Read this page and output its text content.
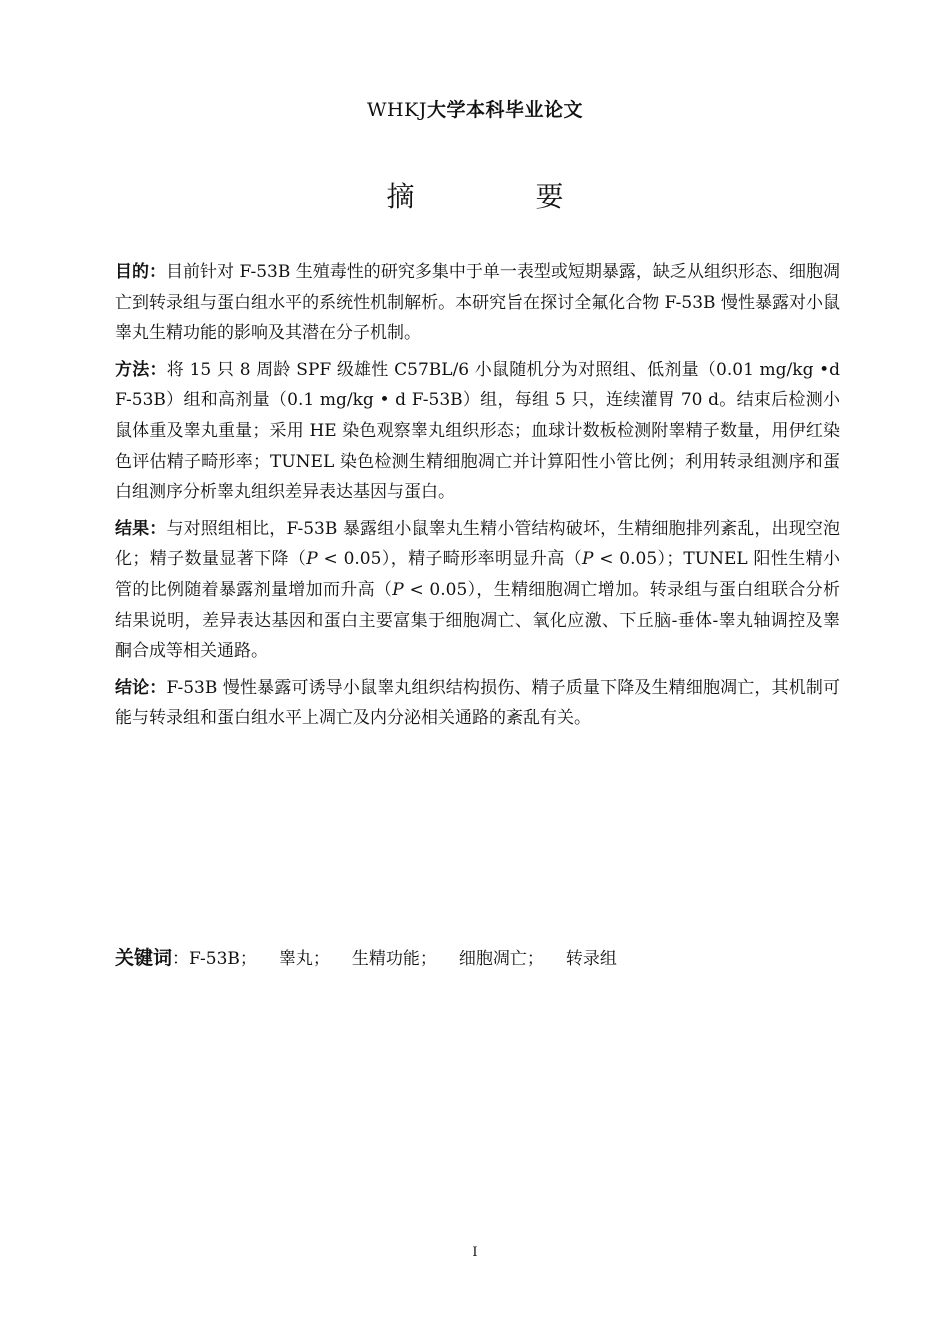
WHKJ大学本科毕业论文
摘 要

目的：目前针对 F-53B 生殖毒性的研究多集中于单一表型或短期暴露，缺乏从组织形态、细胞凋亡到转录组与蛋白组水平的系统性机制解析。本研究旨在探讨全氟化合物 F-53B 慢性暴露对小鼠睾丸生精功能的影响及其潜在分子机制。

方法：将 15 只 8 周龄 SPF 级雄性 C57BL/6 小鼠随机分为对照组、低剂量（0.01 mg/kg •d F-53B）组和高剂量（0.1 mg/kg • d F-53B）组，每组 5 只，连续灌胃 70 d。结束后检测小鼠体重及睾丸重量；采用 HE 染色观察睾丸组织形态；血球计数板检测附睾精子数量，用伊红染色评估精子畸形率；TUNEL 染色检测生精细胞凋亡并计算阳性小管比例；利用转录组测序和蛋白组测序分析睾丸组织差异表达基因与蛋白。

结果：与对照组相比，F-53B 暴露组小鼠睾丸生精小管结构破坏，生精细胞排列紊乱，出现空泡化；精子数量显著下降（P < 0.05），精子畸形率明显升高（P < 0.05）；TUNEL 阳性生精小管的比例随着暴露剂量增加而升高（P < 0.05），生精细胞凋亡增加。转录组与蛋白组联合分析结果说明，差异表达基因和蛋白主要富集于细胞凋亡、氧化应激、下丘脑-垂体-睾丸轴调控及睾酮合成等相关通路。

结论：F-53B 慢性暴露可诱导小鼠睾丸组织结构损伤、精子质量下降及生精细胞凋亡，其机制可能与转录组和蛋白组水平上凋亡及内分泌相关通路的紊乱有关。

关键词：F-53B； 睾丸； 生精功能； 细胞凋亡； 转录组
I
